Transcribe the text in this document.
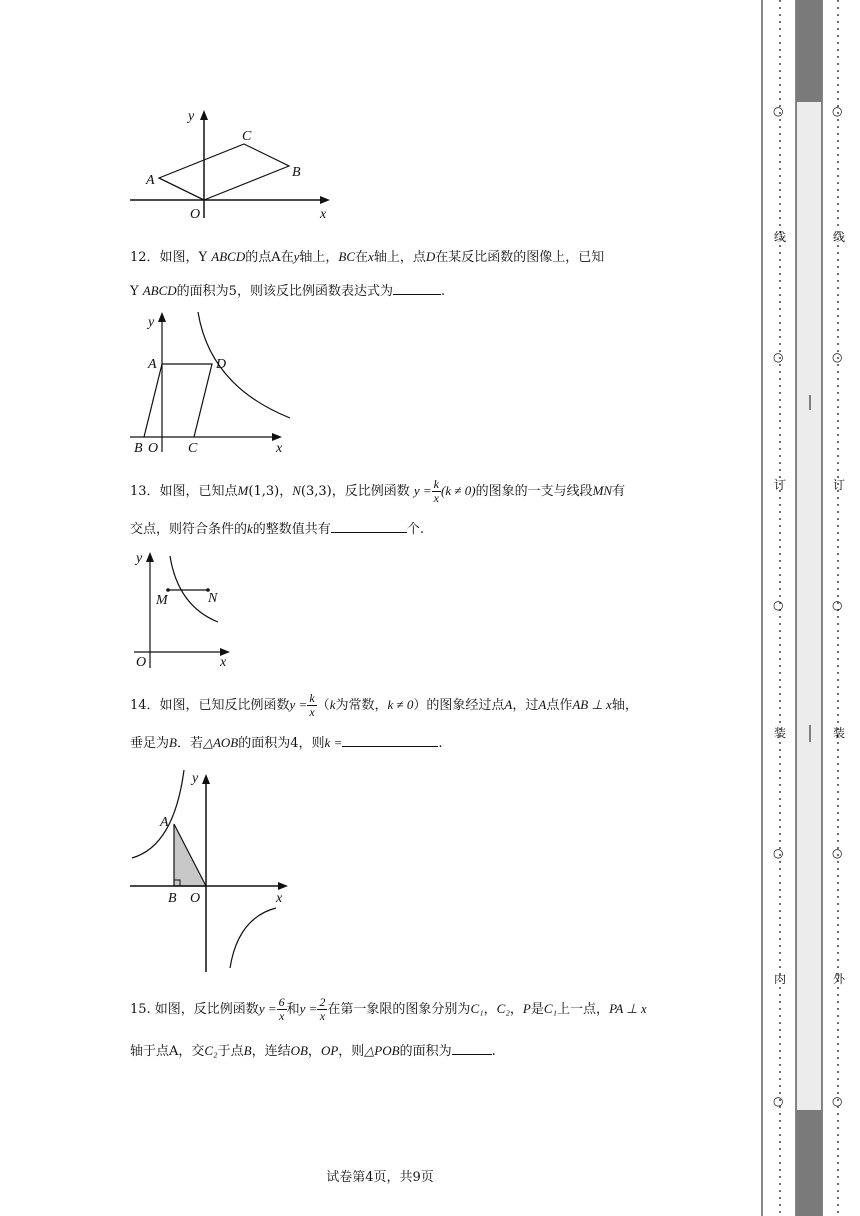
y
C
A
B
O	x
12．如图，Y ABCD的点A在y轴上，BC在x轴上，点D在某反比函数的图像上，已知
Y ABCD的面积为5，则该反比例函数表达式为	.
y
A	D
B O C	x
13．如图，已知点M(1,3)，N(3,3)，反比例函数 $y = \frac{k}{x} (k \ne 0)$的图象的一支与线段MN有
交点，则符合条件的k的整数值共有	个.
y
M	N
O	x
14．如图，已知反比例函数$y = \frac{k}{x} (k$为常数，k ≠ 0）的图象经过点A，过A点作AB ⊥ x轴，
垂足为B．若△AOB的面积为4，则k =	.
y
A
B O	x
15. 如图，反比例函数$y = \frac{6}{x}$ 和$y = \frac{2}{x}$ 在第一象限的图象分别为C₁，C₂，P是C₁上一点，PA ⊥ x
轴于点A，交C₂于点B，连结OB，OP，则△POB的面积为	.
试卷第4页，共9页
○
○
○
○
○
线
订
装
内
○
○
○
○
○
线
订
装
外
